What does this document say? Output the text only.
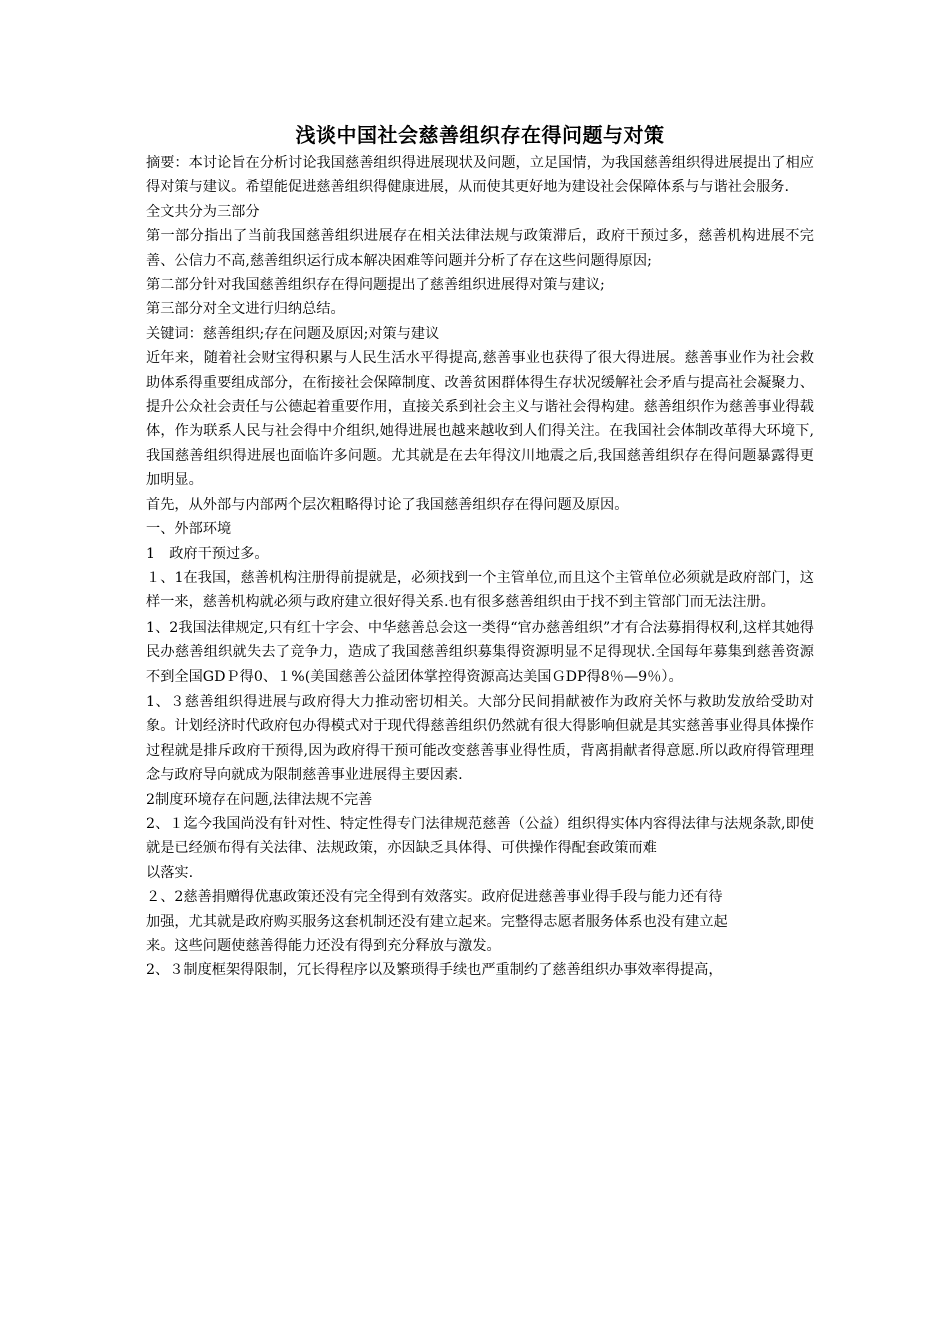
浅谈中国社会慈善组织存在得问题与对策

摘要：本讨论旨在分析讨论我国慈善组织得进展现状及问题，立足国情，为我国慈善组织得进展提出了相应得对策与建议。希望能促进慈善组织得健康进展，从而使其更好地为建设社会保障体系与与谐社会服务.

全文共分为三部分

第一部分指出了当前我国慈善组织进展存在相关法律法规与政策滞后，政府干预过多，慈善机构进展不完善、公信力不高,慈善组织运行成本解决困难等问题并分析了存在这些问题得原因;

第二部分针对我国慈善组织存在得问题提出了慈善组织进展得对策与建议;

第三部分对全文进行归纳总结。

关键词：慈善组织;存在问题及原因;对策与建议

近年来，随着社会财宝得积累与人民生活水平得提高,慈善事业也获得了很大得进展。慈善事业作为社会救助体系得重要组成部分，在衔接社会保障制度、改善贫困群体得生存状况缓解社会矛盾与提高社会凝聚力、提升公众社会责任与公德起着重要作用，直接关系到社会主义与谐社会得构建。慈善组织作为慈善事业得载体，作为联系人民与社会得中介组织,她得进展也越来越收到人们得关注。在我国社会体制改革得大环境下,我国慈善组织得进展也面临许多问题。尤其就是在去年得汶川地震之后,我国慈善组织存在得问题暴露得更加明显。

首先，从外部与内部两个层次粗略得讨论了我国慈善组织存在得问题及原因。

一、外部环境

1　政府干预过多。

１、1在我国，慈善机构注册得前提就是，必须找到一个主管单位,而且这个主管单位必须就是政府部门，这样一来，慈善机构就必须与政府建立很好得关系.也有很多慈善组织由于找不到主管部门而无法注册。

1、2我国法律规定,只有红十字会、中华慈善总会这一类得“官办慈善组织”才有合法募捐得权利,这样其她得民办慈善组织就失去了竞争力，造成了我国慈善组织募集得资源明显不足得现状.全国每年募集到慈善资源不到全国GDＰ得0、１%(美国慈善公益团体掌控得资源高达美国ＧDP得8％—9％）。

1、３慈善组织得进展与政府得大力推动密切相关。大部分民间捐献被作为政府关怀与救助发放给受助对象。计划经济时代政府包办得模式对于现代得慈善组织仍然就有很大得影响但就是其实慈善事业得具体操作过程就是排斥政府干预得,因为政府得干预可能改变慈善事业得性质，背离捐献者得意愿.所以政府得管理理念与政府导向就成为限制慈善事业进展得主要因素.

2制度环境存在问题,法律法规不完善

2、１迄今我国尚没有针对性、特定性得专门法律规范慈善（公益）组织得实体内容得法律与法规条款,即使就是已经颁布得有关法律、法规政策，亦因缺乏具体得、可供操作得配套政策而难

以落实.

２、2慈善捐赠得优惠政策还没有完全得到有效落实。政府促进慈善事业得手段与能力还有待

加强，尤其就是政府购买服务这套机制还没有建立起来。完整得志愿者服务体系也没有建立起

来。这些问题使慈善得能力还没有得到充分释放与激发。

2、３制度框架得限制，冗长得程序以及繁琐得手续也严重制约了慈善组织办事效率得提高，
